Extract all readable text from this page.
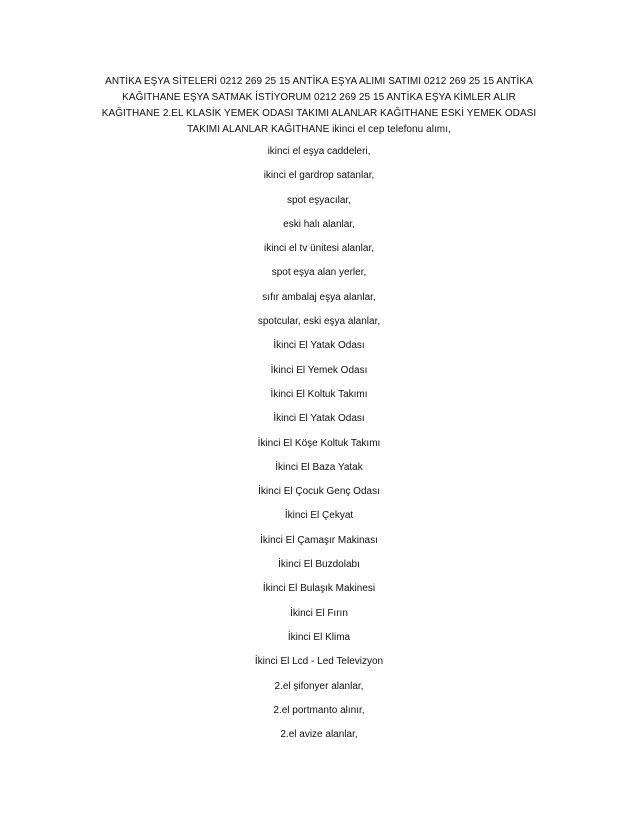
ANTİKA EŞYA SİTELERİ 0212 269 25 15 ANTİKA EŞYA ALIMI SATIMI 0212 269 25 15 ANTİKA KAĞITHANE EŞYA SATMAK İSTİYORUM 0212 269 25 15 ANTİKA EŞYA KİMLER ALIR KAĞITHANE 2.EL KLASİK YEMEK ODASI TAKIMI ALANLAR KAĞITHANE ESKİ YEMEK ODASI TAKIMI ALANLAR KAĞITHANE ikinci el cep telefonu alımı,

ikinci el eşya caddeleri,
ikinci el gardrop satanlar,
spot eşyacılar,
eski halı alanlar,
ikinci el tv ünitesi alanlar,
spot eşya alan yerler,
sıfır ambalaj eşya alanlar,
spotcular, eski eşya alanlar,
İkinci El Yatak Odası
İkinci El Yemek Odası
İkinci El Koltuk Takımı
İkinci El Yatak Odası
İkinci El Köşe Koltuk Takımı
İkinci El Baza Yatak
İkinci El Çocuk Genç Odası
İkinci El Çekyat
İkinci El Çamaşır Makinası
İkinci El Buzdolabı
İkinci El Bulaşık Makinesi
İkinci El Fırın
İkinci El Klima
İkinci El Lcd - Led Televizyon
2.el şifonyer alanlar,
2.el portmanto alınır,
2.el avize alanlar,
